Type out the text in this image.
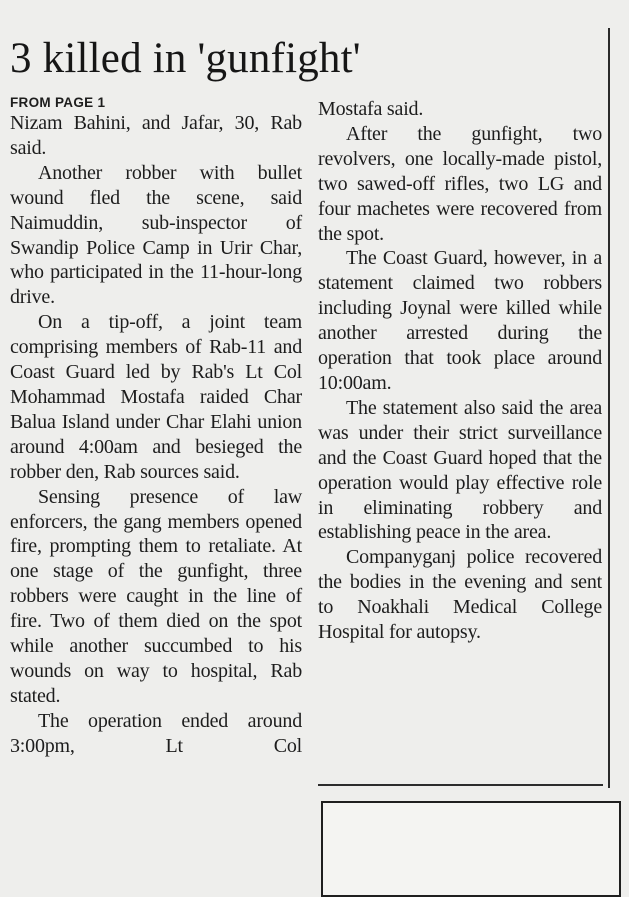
3 killed in 'gunfight'
FROM PAGE 1

Nizam Bahini, and Jafar, 30, Rab said.

Another robber with bullet wound fled the scene, said Naimuddin, sub-inspector of Swandip Police Camp in Urir Char, who participated in the 11-hour-long drive.

On a tip-off, a joint team comprising members of Rab-11 and Coast Guard led by Rab's Lt Col Mohammad Mostafa raided Char Balua Island under Char Elahi union around 4:00am and besieged the robber den, Rab sources said.

Sensing presence of law enforcers, the gang members opened fire, prompting them to retaliate. At one stage of the gunfight, three robbers were caught in the line of fire. Two of them died on the spot while another succumbed to his wounds on way to hospital, Rab stated.

The operation ended around 3:00pm, Lt Col

Mostafa said.

After the gunfight, two revolvers, one locally-made pistol, two sawed-off rifles, two LG and four machetes were recovered from the spot.

The Coast Guard, however, in a statement claimed two robbers including Joynal were killed while another arrested during the operation that took place around 10:00am.

The statement also said the area was under their strict surveillance and the Coast Guard hoped that the operation would play effective role in eliminating robbery and establishing peace in the area.

Companyganj police recovered the bodies in the evening and sent to Noakhali Medical College Hospital for autopsy.
